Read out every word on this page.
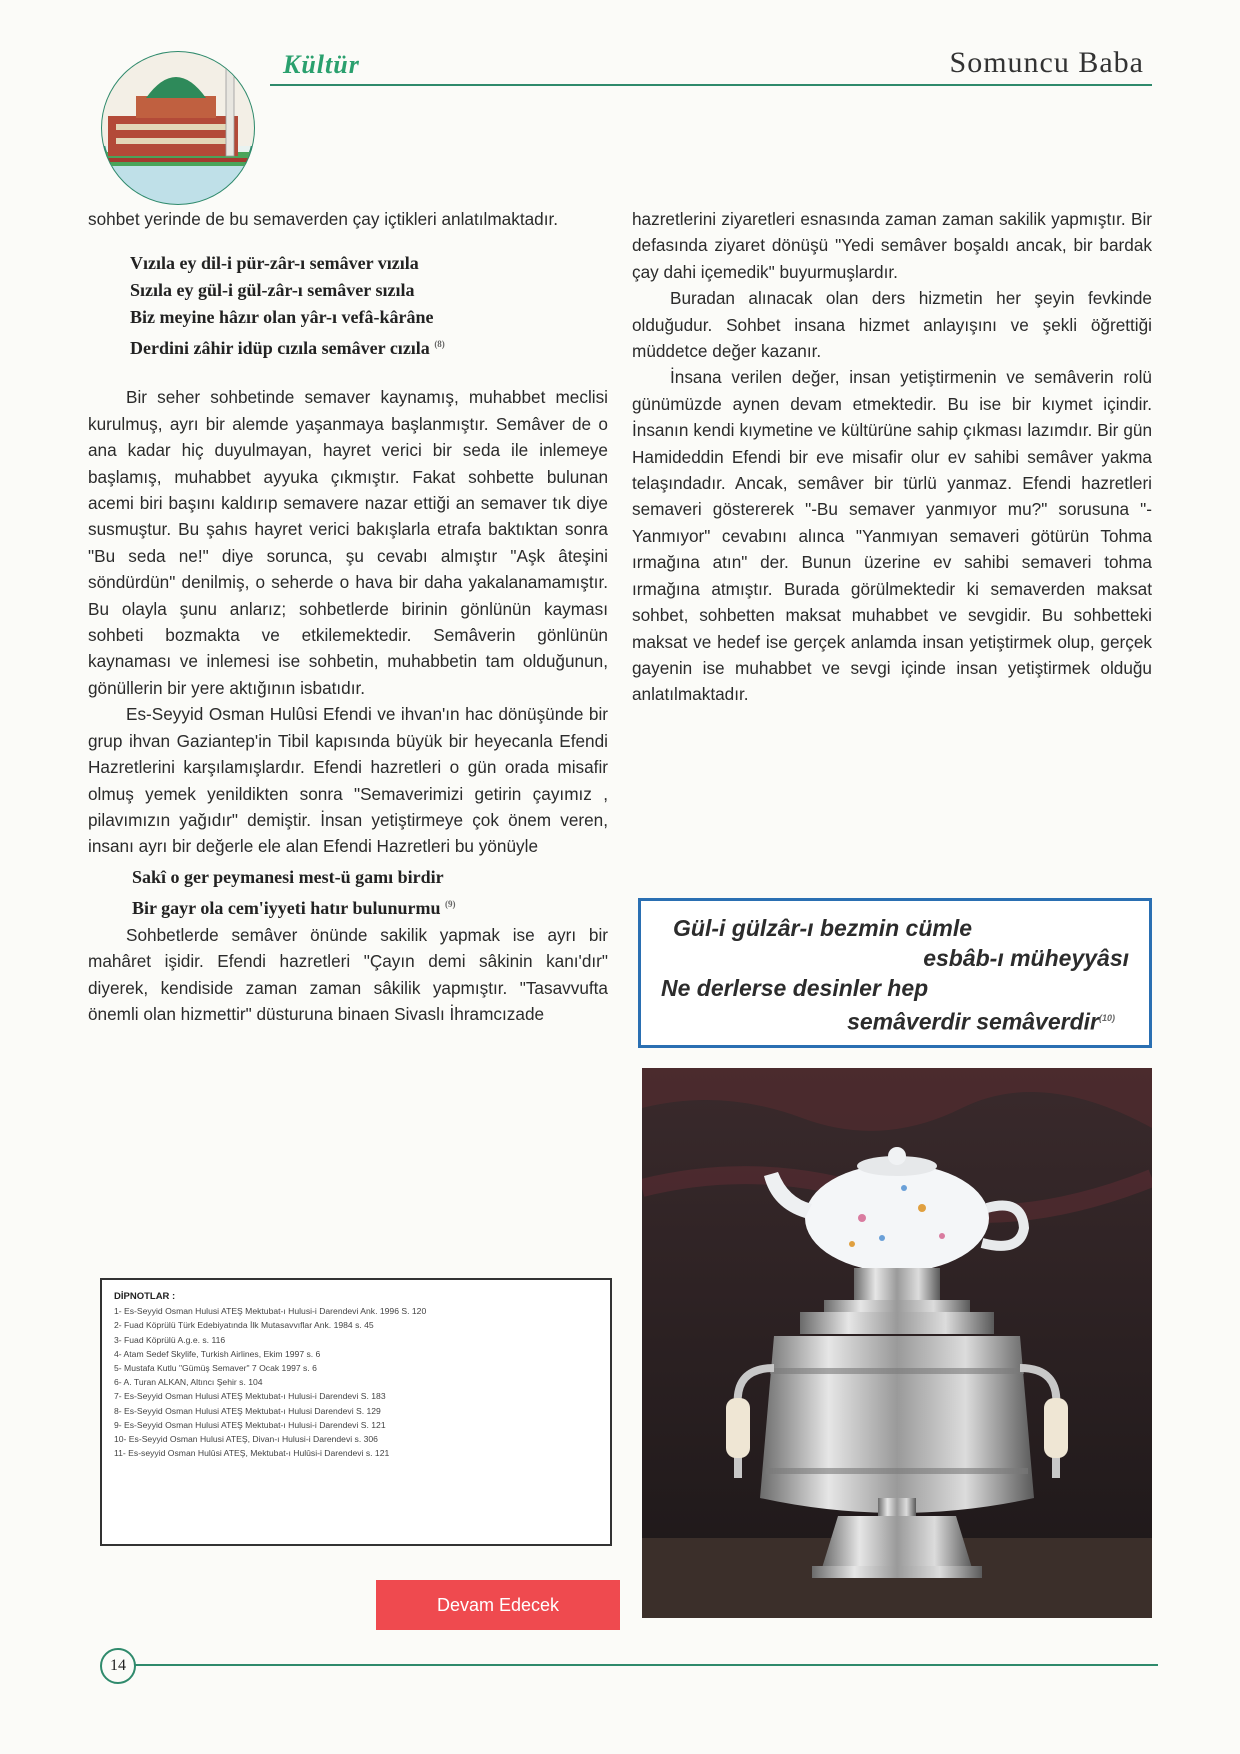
Kültür	Somuncu Baba

sohbet yerinde de bu semaverden çay içtikleri anlatılmaktadır.

Vızıla ey dil-i pür-zâr-ı semâver vızıla
Sızıla ey gül-i gül-zâr-ı semâver sızıla
Biz meyine hâzır olan yâr-ı vefâ-kârâne
Derdini zâhir idüp cızıla semâver cızıla $^{(8)}$

Bir seher sohbetinde semaver kaynamış, muhabbet meclisi kurulmuş, ayrı bir alemde yaşanmaya başlanmıştır. Semâver de o ana kadar hiç duyulmayan, hayret verici bir seda ile inlemeye başlamış, muhabbet ayyuka çıkmıştır. Fakat sohbette bulunan acemi biri başını kaldırıp semavere nazar ettiği an semaver tık diye susmuştur. Bu şahıs hayret verici bakışlarla etrafa baktıktan sonra "Bu seda ne!" diye sorunca, şu cevabı almıştır "Aşk âteşini söndürdün" denilmiş, o seherde o hava bir daha yakalanamamıştır. Bu olayla şunu anlarız; sohbetlerde birinin gönlünün kayması sohbeti bozmakta ve etkilemektedir. Semâverin gönlünün kaynaması ve inlemesi ise sohbetin, muhabbetin tam olduğunun, gönüllerin bir yere aktığının isbatıdır.

Es-Seyyid Osman Hulûsi Efendi ve ihvan'ın hac dönüşünde bir grup ihvan Gaziantep'in Tibil kapısında büyük bir heyecanla Efendi Hazretlerini karşılamışlardır. Efendi hazretleri o gün orada misafir olmuş yemek yenildikten sonra "Semaverimizi getirin çayımız , pilavımızın yağıdır" demiştir. İnsan yetiştirmeye çok önem veren, insanı ayrı bir değerle ele alan Efendi Hazretleri bu yönüyle

Sakî o ger peymanesi mest-ü gamı birdir
Bir gayr ola cem'iyyeti hatır bulunurmu $^{(9)}$

Sohbetlerde semâver önünde sakilik yapmak ise ayrı bir mahâret işidir. Efendi hazretleri "Çayın demi sâkinin kanı'dır" diyerek, kendiside zaman zaman sâkilik yapmıştır. "Tasavvufta önemli olan hizmettir" düsturuna binaen Sivaslı İhramcızade

hazretlerini ziyaretleri esnasında zaman zaman sakilik yapmıştır. Bir defasında ziyaret dönüşü "Yedi semâver boşaldı ancak, bir bardak çay dahi içemedik" buyurmuşlardır.

Buradan alınacak olan ders hizmetin her şeyin fevkinde olduğudur. Sohbet insana hizmet anlayışını ve şekli öğrettiği müddetce değer kazanır.

İnsana verilen değer, insan yetiştirmenin ve semâverin rolü günümüzde aynen devam etmektedir. Bu ise bir kıymet içindir. İnsanın kendi kıymetine ve kültürüne sahip çıkması lazımdır. Bir gün Hamideddin Efendi bir eve misafir olur ev sahibi semâver yakma telaşındadır. Ancak, semâver bir türlü yanmaz. Efendi hazretleri semaveri göstererek "-Bu semaver yanmıyor mu?" sorusuna "-Yanmıyor" cevabını alınca "Yanmıyan semaveri götürün Tohma ırmağına atın" der. Bunun üzerine ev sahibi semaveri tohma ırmağına atmıştır. Burada görülmektedir ki semaverden maksat sohbet, sohbetten maksat muhabbet ve sevgidir. Bu sohbetteki maksat ve hedef ise gerçek anlamda insan yetiştirmek olup, gerçek gayenin ise muhabbet ve sevgi içinde insan yetiştirmek olduğu anlatılmaktadır.

Gül-i gülzâr-ı bezmin cümle
esbâb-ı müheyyâsı
Ne derlerse desinler hep
semâverdir semâverdir$^{(10)}$
DİPNOTLAR :
1- Es-Seyyid Osman Hulusi ATEŞ Mektubat-ı Hulusi-i Darendevi Ank. 1996 S. 120
2- Fuad Köprülü Türk Edebiyatında İlk Mutasavvıflar Ank. 1984 s. 45
3- Fuad Köprülü A.g.e. s. 116
4- Atam Sedef Skylife, Turkish Airlines, Ekim 1997 s. 6
5- Mustafa Kutlu "Gümüş Semaver" 7 Ocak 1997 s. 6
6- A. Turan ALKAN, Altıncı Şehir s. 104
7- Es-Seyyid Osman Hulusi ATEŞ Mektubat-ı Hulusi-i Darendevi S. 183
8- Es-Seyyid Osman Hulusi ATEŞ Mektubat-ı Hulusi Darendevi S. 129
9- Es-Seyyid Osman Hulusi ATEŞ Mektubat-ı Hulusi-i Darendevi S. 121
10- Es-Seyyid Osman Hulusi ATEŞ, Divan-ı Hulusi-i Darendevi s. 306
11- Es-seyyid Osman Hulûsi ATEŞ, Mektubat-ı Hulûsi-i Darendevi s. 121
Devam Edecek
14
